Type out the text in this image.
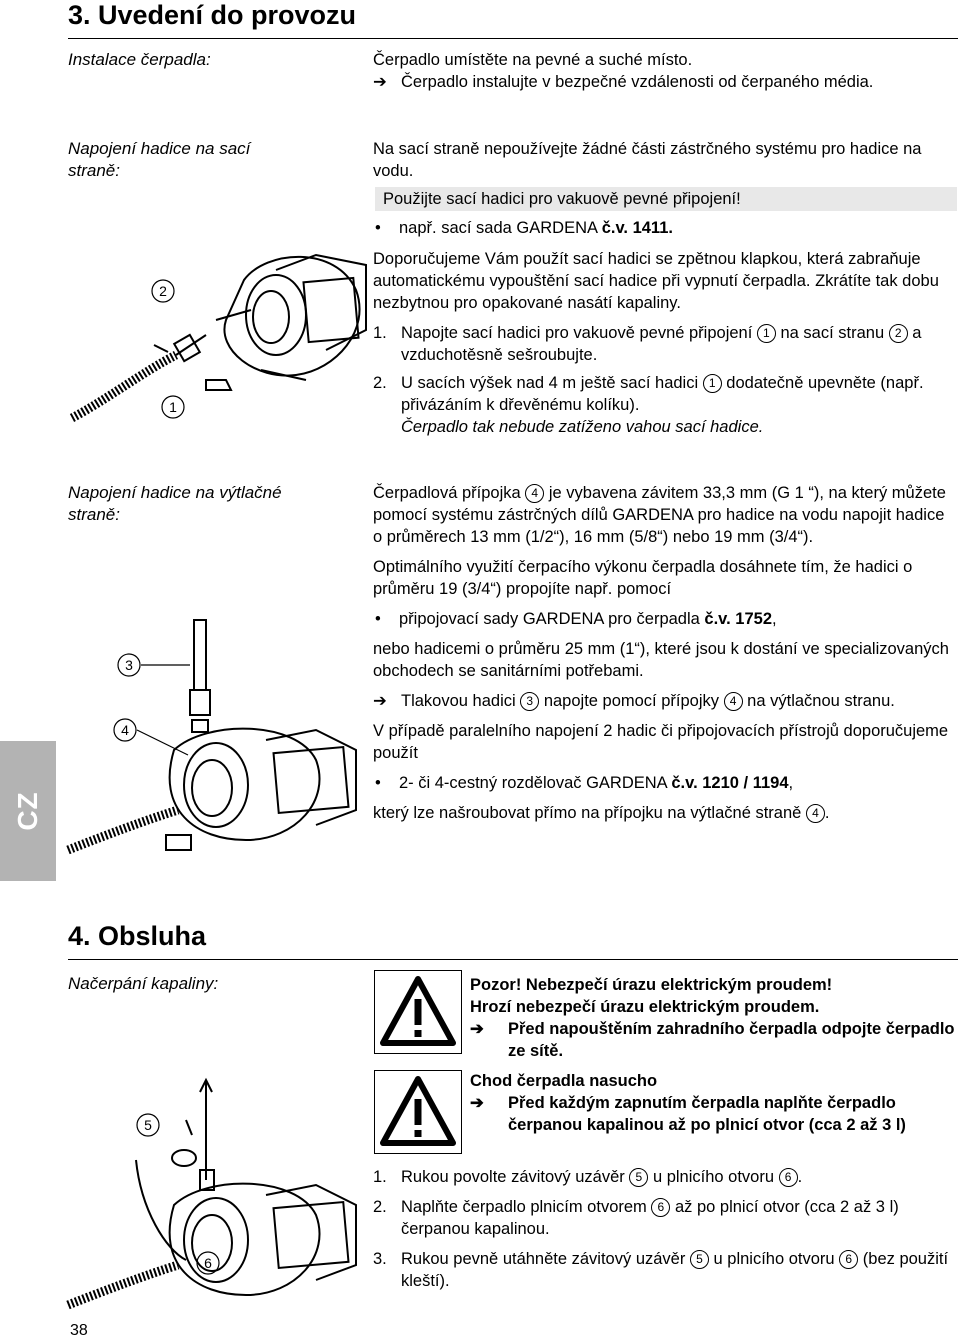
3. Uvedení do provozu
Instalace čerpadla:	Čerpadlo umístěte na pevné a suché místo.

➔ Čerpadlo instalujte v bezpečné vzdálenosti od čerpaného média.

Napojení hadice na sací straně:

Na sací straně nepoužívejte žádné části zástrčného systému pro hadice na vodu.

Použijte sací hadici pro vakuově pevné připojení!

• např. sací sada GARDENA č.v. 1411.

Doporučujeme Vám použít sací hadici se zpětnou klapkou, která zabraňuje automatickému vypouštění sací hadice při vypnutí čerpadla. Zkrátíte tak dobu nezbytnou pro opakované nasátí kapaliny.

1. Napojte sací hadici pro vakuově pevné připojení 1 na sací stranu 2 a vzduchotěsně sešroubujte.

2. U sacích výšek nad 4 m ještě sací hadici 1 dodatečně upevněte (např. přivázáním k dřevěnému kolíku).
Čerpadlo tak nebude zatíženo vahou sací hadice.

2
1
Napojení hadice na výtlačné straně:

Čerpadlová přípojka 4 je vybavena závitem 33,3 mm (G 1 “), na který můžete pomocí systému zástrčných dílů GARDENA pro hadice na vodu napojit hadice o průměrech 13 mm (1/2“), 16 mm (5/8“) nebo 19 mm (3/4“).

Optimálního využití čerpacího výkonu čerpadla dosáhnete tím, že hadici o průměru 19 (3/4“) propojíte např. pomocí

• připojovací sady GARDENA pro čerpadla č.v. 1752,

nebo hadicemi o průměru 25 mm (1“), které jsou k dostání ve specializovaných obchodech se sanitárními potřebami.

➔ Tlakovou hadici 3 napojte pomocí přípojky 4 na výtlačnou stranu.

V případě paralelního napojení 2 hadic či připojovacích přístrojů doporučujeme použít

• 2- či 4-cestný rozdělovač GARDENA č.v. 1210 / 1194,

který lze našroubovat přímo na přípojku na výtlačné straně 4 .

3
4
CZ
4. Obsluha
Načerpání kapaliny:	Pozor! Nebezpečí úrazu elektrickým proudem!

Hrozí nebezpečí úrazu elektrickým proudem.

➔ Před napouštěním zahradního čerpadla odpojte čerpadlo ze sítě.

Chod čerpadla nasucho

➔ Před každým zapnutím čerpadla naplňte čerpadlo čerpanou kapalinou až po plnicí otvor (cca 2 až 3 l)

1. Rukou povolte závitový uzávěr 5 u plnicího otvoru 6 .

2. Naplňte čerpadlo plnicím otvorem 6 až po plnicí otvor (cca 2 až 3 l) čerpanou kapalinou.

3. Rukou pevně utáhněte závitový uzávěr 5 u plnicího otvoru 6 (bez použití kleští).

5
6
38
